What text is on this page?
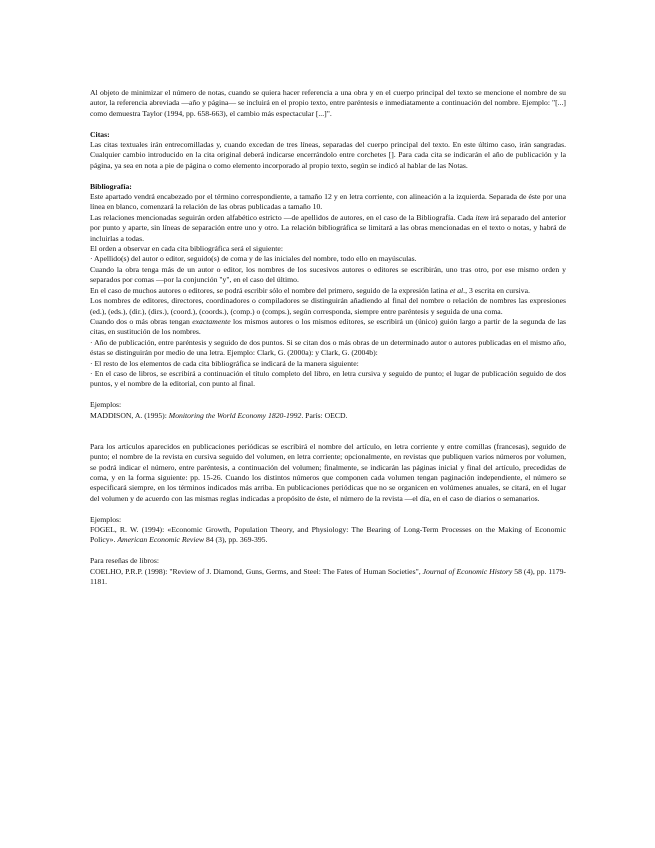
Al objeto de minimizar el número de notas, cuando se quiera hacer referencia a una obra y en el cuerpo principal del texto se mencione el nombre de su autor, la referencia abreviada —año y página— se incluirá en el propio texto, entre paréntesis e inmediatamente a continuación del nombre. Ejemplo: "[...] como demuestra Taylor (1994, pp. 658-663), el cambio más espectacular [...]".

Citas:

Las citas textuales irán entrecomilladas y, cuando excedan de tres líneas, separadas del cuerpo principal del texto. En este último caso, irán sangradas. Cualquier cambio introducido en la cita original deberá indicarse encerrándolo entre corchetes []. Para cada cita se indicarán el año de publicación y la página, ya sea en nota a pie de página o como elemento incorporado al propio texto, según se indicó al hablar de las Notas.

Bibliografía:

Este apartado vendrá encabezado por el término correspondiente, a tamaño 12 y en letra corriente, con alineación a la izquierda. Separada de éste por una línea en blanco, comenzará la relación de las obras publicadas a tamaño 10.

Las relaciones mencionadas seguirán orden alfabético estricto —de apellidos de autores, en el caso de la Bibliografía. Cada item irá separado del anterior por punto y aparte, sin líneas de separación entre uno y otro. La relación bibliográfica se limitará a las obras mencionadas en el texto o notas, y habrá de incluirlas a todas.

El orden a observar en cada cita bibliográfica será el siguiente:

· Apellido(s) del autor o editor, seguido(s) de coma y de las iniciales del nombre, todo ello en mayúsculas.

Cuando la obra tenga más de un autor o editor, los nombres de los sucesivos autores o editores se escribirán, uno tras otro, por ese mismo orden y separados por comas —por la conjunción "y", en el caso del último.

En el caso de muchos autores o editores, se podrá escribir sólo el nombre del primero, seguido de la expresión latina et al., 3 escrita en cursiva.

Los nombres de editores, directores, coordinadores o compiladores se distinguirán añadiendo al final del nombre o relación de nombres las expresiones (ed.), (eds.), (dir.), (dirs.), (coord.), (coords.), (comp.) o (comps.), según corresponda, siempre entre paréntesis y seguida de una coma.

Cuando dos o más obras tengan exactamente los mismos autores o los mismos editores, se escribirá un (único) guión largo a partir de la segunda de las citas, en sustitución de los nombres.

· Año de publicación, entre paréntesis y seguido de dos puntos. Si se citan dos o más obras de un determinado autor o autores publicadas en el mismo año, éstas se distinguirán por medio de una letra. Ejemplo: Clark, G. (2000a): y Clark, G. (2004b):

· El resto de los elementos de cada cita bibliográfica se indicará de la manera siguiente:

· En el caso de libros, se escribirá a continuación el título completo del libro, en letra cursiva y seguido de punto; el lugar de publicación seguido de dos puntos, y el nombre de la editorial, con punto al final.

Ejemplos:

MADDISON, A. (1995): Monitoring the World Economy 1820-1992. París: OECD.

Para los artículos aparecidos en publicaciones periódicas se escribirá el nombre del artículo, en letra corriente y entre comillas (francesas), seguido de punto; el nombre de la revista en cursiva seguido del volumen, en letra corriente; opcionalmente, en revistas que publiquen varios números por volumen, se podrá indicar el número, entre paréntesis, a continuación del volumen; finalmente, se indicarán las páginas inicial y final del artículo, precedidas de coma, y en la forma siguiente: pp. 15-26. Cuando los distintos números que componen cada volumen tengan paginación independiente, el número se especificará siempre, en los términos indicados más arriba. En publicaciones periódicas que no se organicen en volúmenes anuales, se citará, en el lugar del volumen y de acuerdo con las mismas reglas indicadas a propósito de éste, el número de la revista —el día, en el caso de diarios o semanarios.

Ejemplos:

FOGEL, R. W. (1994): «Economic Growth, Population Theory, and Physiology: The Bearing of Long-Term Processes on the Making of Economic Policy». American Economic Review 84 (3), pp. 369-395.

Para reseñas de libros:

COELHO, P.R.P. (1998): "Review of J. Diamond, Guns, Germs, and Steel: The Fates of Human Societies", Journal of Economic History 58 (4), pp. 1179-1181.
